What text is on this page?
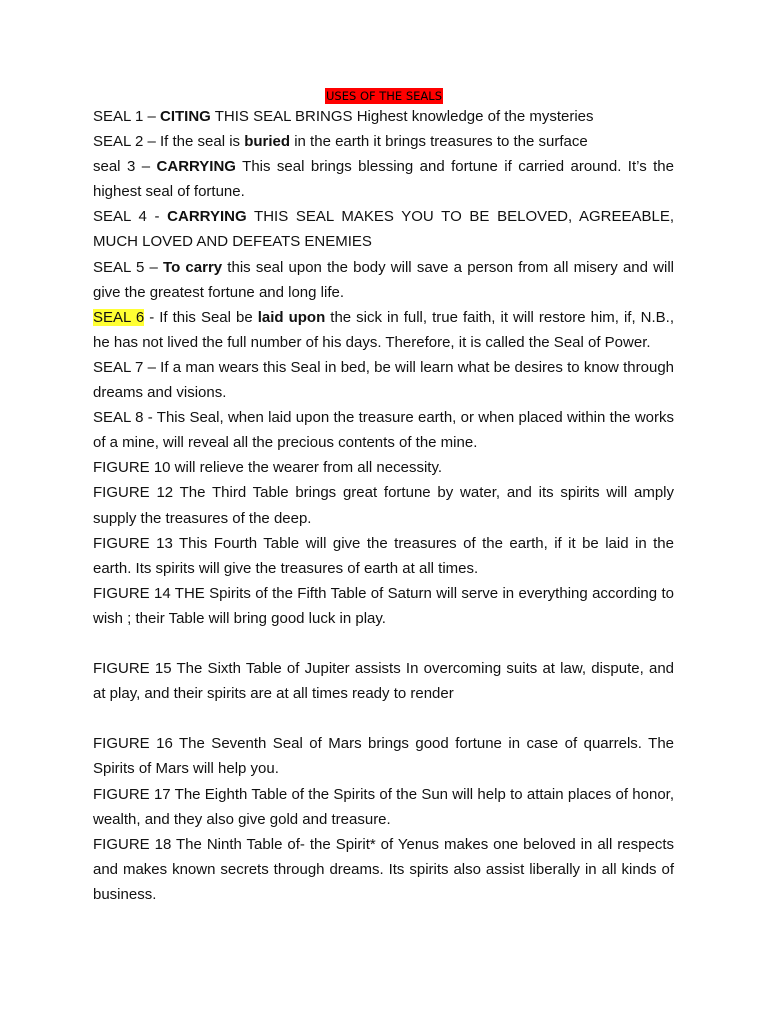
USES OF THE SEALS

SEAL 1 – CITING THIS SEAL BRINGS Highest knowledge of the mysteries

SEAL 2 – If the seal is buried in the earth it brings treasures to the surface

seal 3 – CARRYING This seal brings blessing and fortune if carried around. It’s the highest seal of fortune.

SEAL 4 - CARRYING THIS SEAL MAKES YOU TO BE BELOVED, AGREEABLE, MUCH LOVED AND DEFEATS ENEMIES

SEAL 5 – To carry this seal upon the body will save a person from all misery and will give the greatest fortune and long life.

SEAL 6 - If this Seal be laid upon the sick in full, true faith, it will restore him, if, N.B., he has not lived the full number of his days. Therefore, it is called the Seal of Power.

SEAL 7 – If a man wears this Seal in bed, be will learn what be desires to know through dreams and visions.

SEAL 8 - This Seal, when laid upon the treasure earth, or when placed within the works of a mine, will reveal all the precious contents of the mine.

FIGURE 10 will relieve the wearer from all necessity.

FIGURE 12 The Third Table brings great fortune by water, and its spirits will amply supply the treasures of the deep.

FIGURE 13 This Fourth Table will give the treasures of the earth, if it be laid in the earth. Its spirits will give the treasures of earth at all times.

FIGURE 14 THE Spirits of the Fifth Table of Saturn will serve in everything according to wish ; their Table will bring good luck in play.

FIGURE 15 The Sixth Table of Jupiter assists In overcoming suits at law, dispute, and at play, and their spirits are at all times ready to render

FIGURE 16 The Seventh Seal of Mars brings good fortune in case of quarrels. The Spirits of Mars will help you.

FIGURE 17 The Eighth Table of the Spirits of the Sun will help to attain places of honor, wealth, and they also give gold and treasure.

FIGURE 18 The Ninth Table of- the Spirit* of Yenus makes one beloved in all respects and makes known secrets through dreams. Its spirits also assist liberally in all kinds of business.
